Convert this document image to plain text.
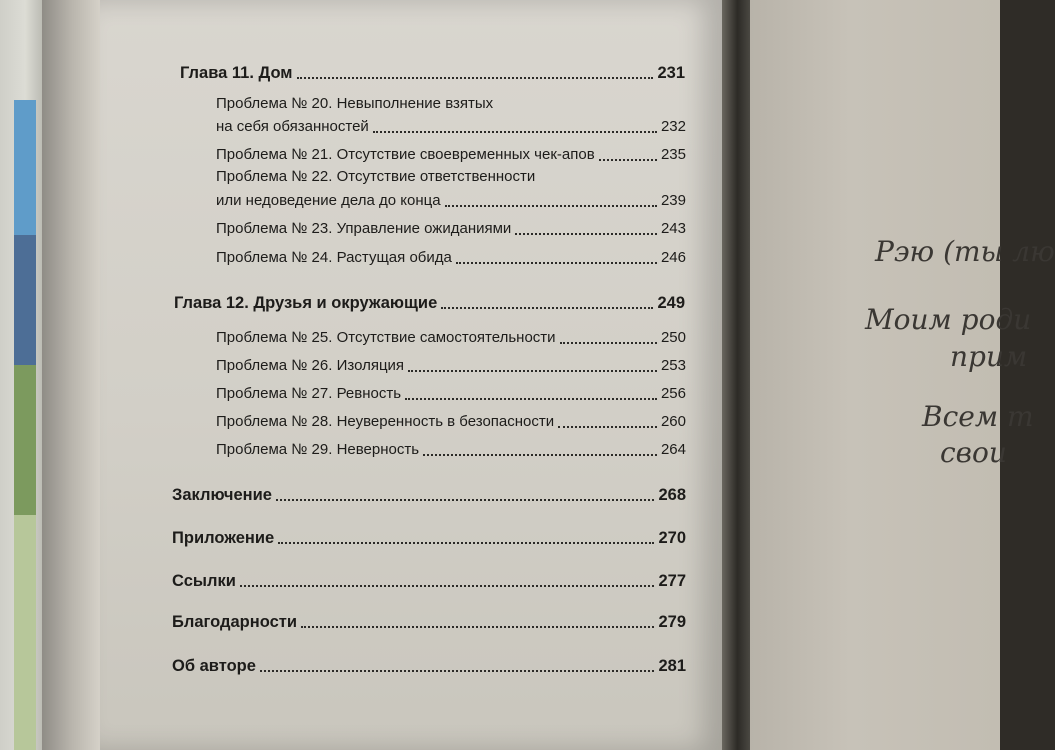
Глава 11. Дом	231
Проблема № 20. Невыполнение взятых
на себя обязанностей	232
Проблема № 21. Отсутствие своевременных чек-апов	235
Проблема № 22. Отсутствие ответственности
или недоведение дела до конца	239
Проблема № 23. Управление ожиданиями	243
Проблема № 24. Растущая обида	246
Глава 12. Друзья и окружающие	249
Проблема № 25. Отсутствие самостоятельности	250
Проблема № 26. Изоляция	253
Проблема № 27. Ревность	256
Проблема № 28. Неуверенность в безопасности	260
Проблема № 29. Неверность	264
Заключение	268
Приложение	270
Ссылки	277
Благодарности	279
Об авторе	281
Рэю (ты лю
Моим роди
прим
Всем т
свои
